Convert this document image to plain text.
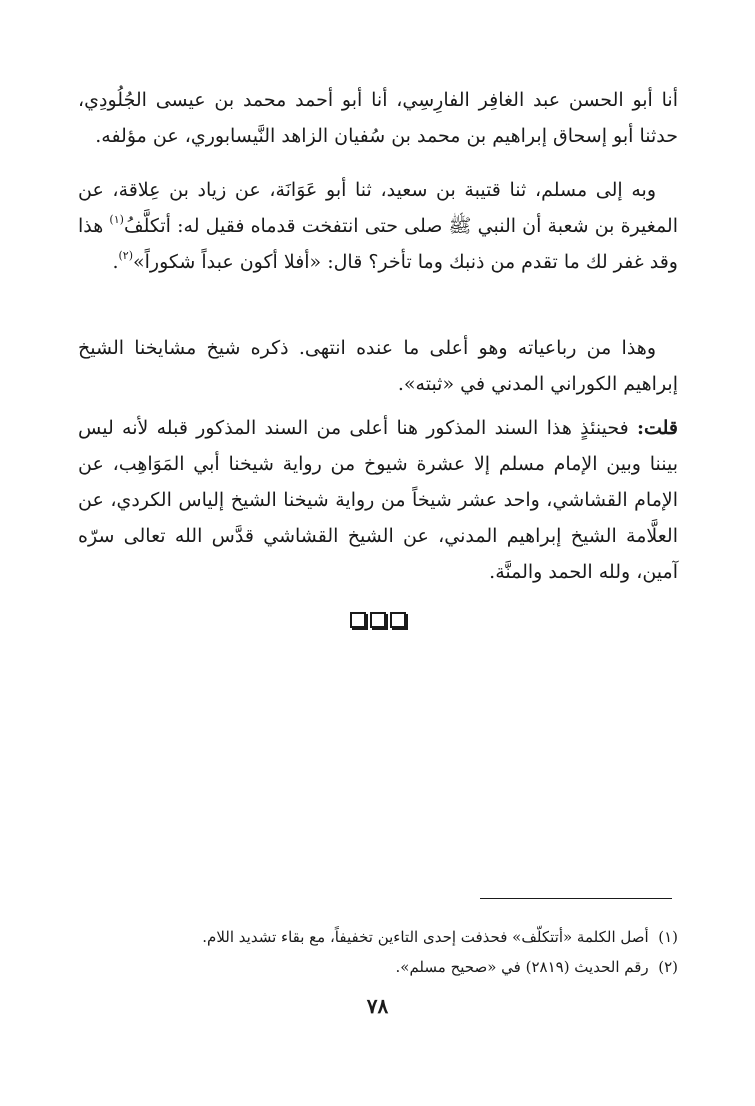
أنا أبو الحسن عبد الغافِر الفارِسِي، أنا أبو أحمد محمد بن عيسى الجُلُودِي، حدثنا أبو إسحاق إبراهيم بن محمد بن سُفيان الزاهد النَّيسابوري، عن مؤلفه.

وبه إلى مسلم، ثنا قتيبة بن سعيد، ثنا أبو عَوَانَة، عن زياد بن عِلاقة، عن المغيرة بن شعبة أن النبي ﷺ صلى حتى انتفخت قدماه فقيل له: أتكلَّفُ$^{(١)}$ هذا وقد غفر لك ما تقدم من ذنبك وما تأخر؟ قال: «أفلا أكون عبداً شكوراً»$^{(٢)}$.

وهذا من رباعياته وهو أعلى ما عنده انتهى. ذكره شيخ مشايخنا الشيخ إبراهيم الكوراني المدني في «ثبته».

قلت: فحينئذٍ هذا السند المذكور هنا أعلى من السند المذكور قبله لأنه ليس بيننا وبين الإمام مسلم إلا عشرة شيوخ من رواية شيخنا أبي المَوَاهِب، عن الإمام القشاشي، واحد عشر شيخاً من رواية شيخنا الشيخ إلياس الكردي، عن العلَّامة الشيخ إبراهيم المدني، عن الشيخ القشاشي قدَّس الله تعالى سرّه آمين، ولله الحمد والمنَّة.

(١)  أصل الكلمة «أتتكلّف» فحذفت إحدى التاءين تخفيفاً، مع بقاء تشديد اللام.

(٢)  رقم الحديث (٢٨١٩) في «صحيح مسلم».

٧٨
